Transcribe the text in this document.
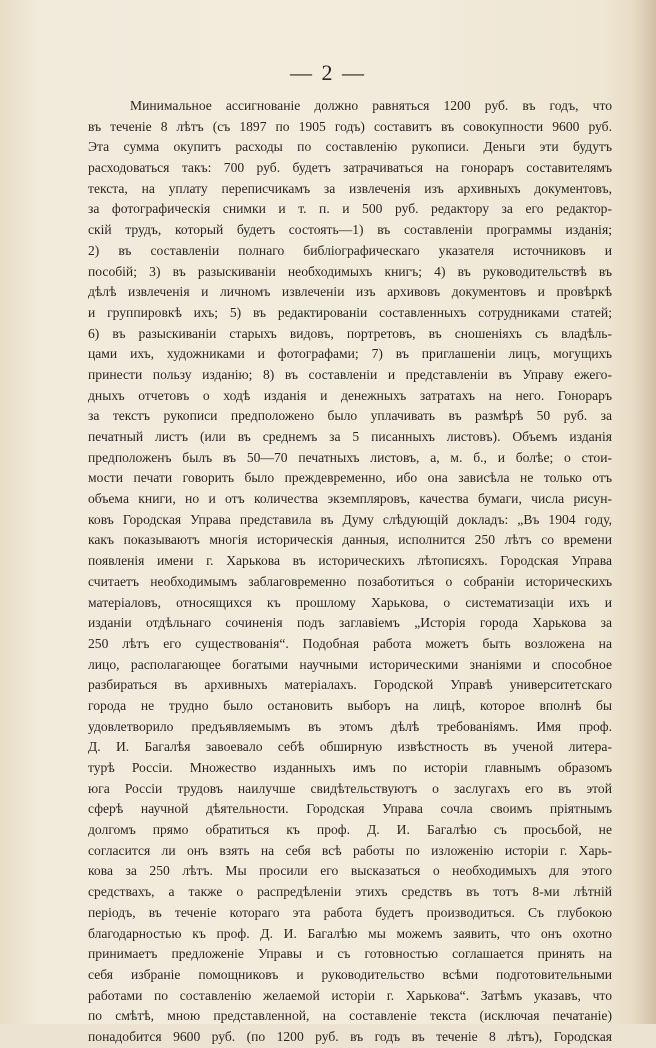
— 2 —
Минимальное ассигнованіе должно равняться 1200 руб. въ годъ, что
въ теченіе 8 лѣтъ (съ 1897 по 1905 годъ) составитъ въ совокупности 9600 руб.
Эта сумма окупитъ расходы по составленію рукописи. Деньги эти будутъ
расходоваться такъ: 700 руб. будетъ затрачиваться на гонораръ составителямъ
текста, на уплату переписчикамъ за извлеченія изъ архивныхъ документовъ,
за фотографическія снимки и т. п. и 500 руб. редактору за его редактор-
скій трудъ, который будетъ состоять—1) въ составленіи программы изданія;
2) въ составленіи полнаго библіографическаго указателя источниковъ и
пособій; 3) въ разыскиваніи необходимыхъ книгъ; 4) въ руководительствѣ въ
дѣлѣ извлеченія и личномъ извлеченіи изъ архивовъ документовъ и провѣркѣ
и группировкѣ ихъ; 5) въ редактированіи составленныхъ сотрудниками статей;
6) въ разыскиваніи старыхъ видовъ, портретовъ, въ сношеніяхъ съ владѣль-
цами ихъ, художниками и фотографами; 7) въ приглашеніи лицъ, могущихъ
принести пользу изданію; 8) въ составленіи и представленіи въ Управу ежего-
дныхъ отчетовъ о ходѣ изданія и денежныхъ затратахъ на него. Гонораръ
за текстъ рукописи предположено было уплачивать въ размѣрѣ 50 руб. за
печатный листъ (или въ среднемъ за 5 писанныхъ листовъ). Объемъ изданія
предположенъ былъ въ 50—70 печатныхъ листовъ, а, м. б., и болѣе; о стои-
мости печати говорить было преждевременно, ибо она зависѣла не только отъ
объема книги, но и отъ количества экземпляровъ, качества бумаги, числа рисун-
ковъ Городская Управа представила въ Думу слѣдующій докладъ: „Въ 1904 году,
какъ показываютъ многія историческія данныя, исполнится 250 лѣтъ со времени
появленія имени г. Харькова въ историческихъ лѣтописяхъ. Городская Управа
считаетъ необходимымъ заблаговременно позаботиться о собраніи историческихъ
матеріаловъ, относящихся къ прошлому Харькова, о систематизаціи ихъ и
изданіи отдѣльнаго сочиненія подъ заглавіемъ „Исторія города Харькова за
250 лѣтъ его существованія“. Подобная работа можетъ быть возложена на
лицо, располагающее богатыми научными историческими знаніями и способное
разбираться въ архивныхъ матеріалахъ. Городской Управѣ университетскаго
города не трудно было остановить выборъ на лицѣ, которое вполнѣ бы
удовлетворило предъявляемымъ въ этомъ дѣлѣ требованіямъ. Имя проф.
Д. И. Багалѣя завоевало себѣ обширную извѣстность въ ученой литера-
турѣ Россіи. Множество изданныхъ имъ по исторіи главнымъ образомъ
юга Россіи трудовъ наилучше свидѣтельствуютъ о заслугахъ его въ этой
сферѣ научной дѣятельности. Городская Управа сочла своимъ пріятнымъ
долгомъ прямо обратиться къ проф. Д. И. Багалѣю съ просьбой, не
согласится ли онъ взять на себя всѣ работы по изложенію исторіи г. Харь-
кова за 250 лѣтъ. Мы просили его высказаться о необходимыхъ для этого
средствахъ, а также о распредѣленіи этихъ средствъ въ тотъ 8-ми лѣтній
періодъ, въ теченіе котораго эта работа будетъ производиться. Съ глубокою
благодарностью къ проф. Д. И. Багалѣю мы можемъ заявить, что онъ охотно
принимаетъ предложеніе Управы и съ готовностью соглашается принять на
себя избраніе помощниковъ и руководительство всѣми подготовительными
работами по составленію желаемой исторіи г. Харькова“. Затѣмъ указавъ, что
по смѣтѣ, мною представленной, на составленіе текста (исключая печатаніе)
понадобится 9600 руб. (по 1200 руб. въ годъ въ теченіе 8 лѣтъ), Городская
